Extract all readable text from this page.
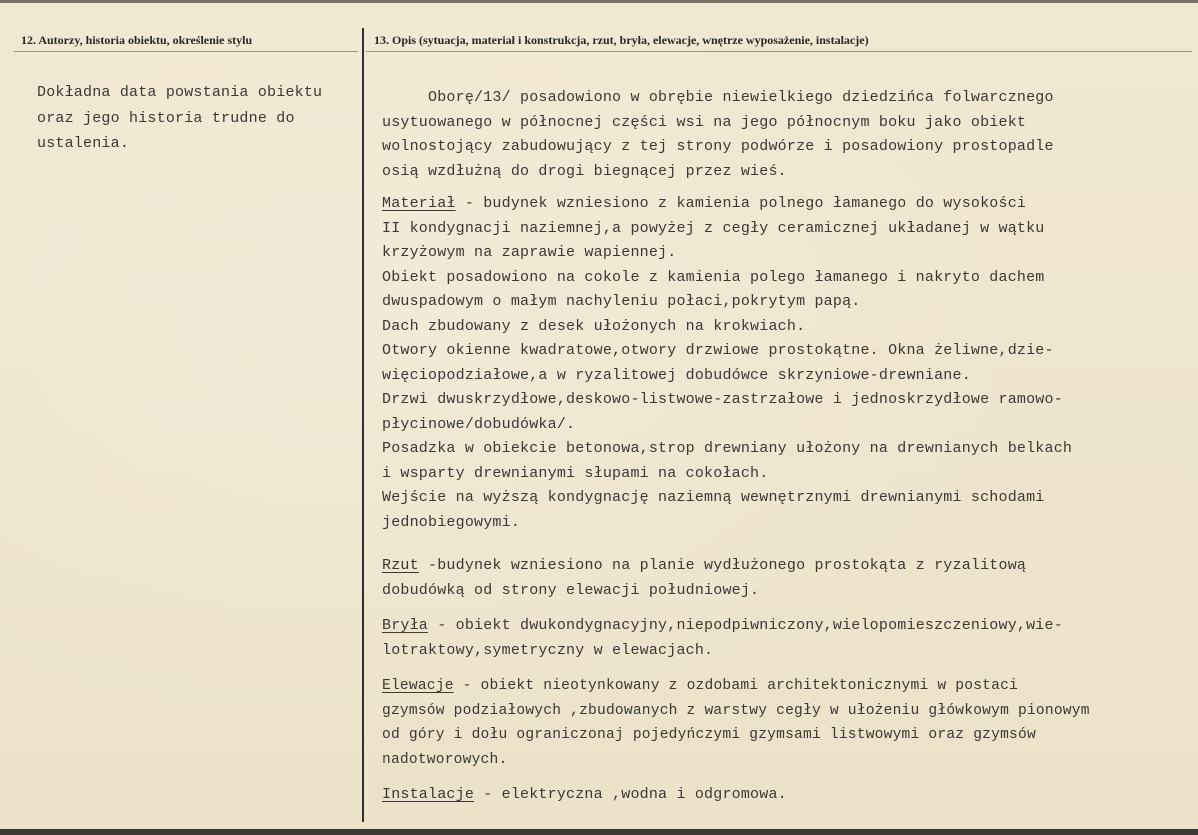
12. Autorzy, historia obiektu, określenie stylu	13. Opis (sytuacja, materiał i konstrukcja, rzut, bryła, elewacje, wnętrze wyposażenie, instalacje)
Dokładna data powstania obiektu
oraz jego historia trudne do
ustalenia.
Oborę/13/ posadowiono w obrębie niewielkiego dziedzińca folwarcznego
usytuowanego w północnej części wsi na jego północnym boku jako obiekt
wolnostojący zabudowujący z tej strony podwórze i posadowiony prostopadle
osią wzdłużną do drogi biegnącej przez wieś.
Materiał - budynek wzniesiono z kamienia polnego łamanego do wysokości
II kondygnacji naziemnej,a powyżej z cegły ceramicznej układanej w wątku
krzyżowym na zaprawie wapiennej.
Obiekt posadowiono na cokole z kamienia polego łamanego i nakryto dachem
dwuspadowym o małym nachyleniu połaci,pokrytym papą.
Dach zbudowany z desek ułożonych na krokwiach.
Otwory okienne kwadratowe,otwory drzwiowe prostokątne. Okna żeliwne,dzie-
więciopodziałowe,a w ryzalitowej dobudówce skrzyniowe-drewniane.
Drzwi dwuskrzydłowe,deskowo-listwowe-zastrzałowe i jednoskrzydłowe ramowo-
płycinowe/dobudówka/.
Posadzka w obiekcie betonowa,strop drewniany ułożony na drewnianych belkach
i wsparty drewnianymi słupami na cokołach.
Wejście na wyższą kondygnację naziemną wewnętrznymi drewnianymi schodami
jednobiegowymi.
Rzut -budynek wzniesiono na planie wydłużonego prostokąta z ryzalitową
dobudówką od strony elewacji południowej.
Bryła - obiekt dwukondygnacyjny,niepodpiwniczony,wielopomieszczeniowy,wie-
lotraktowy,symetryczny w elewacjach.
Elewacje - obiekt nieotynkowany z ozdobami architektonicznymi w postaci
gzymsów podziałowych ,zbudowanych z warstwy cegły w ułożeniu główkowym pionowym
od góry i dołu ograniczonaj pojedyńczymi gzymsami listwowymi oraz gzymsów
nadotworowych.
Instalacje - elektryczna ,wodna i odgromowa.
